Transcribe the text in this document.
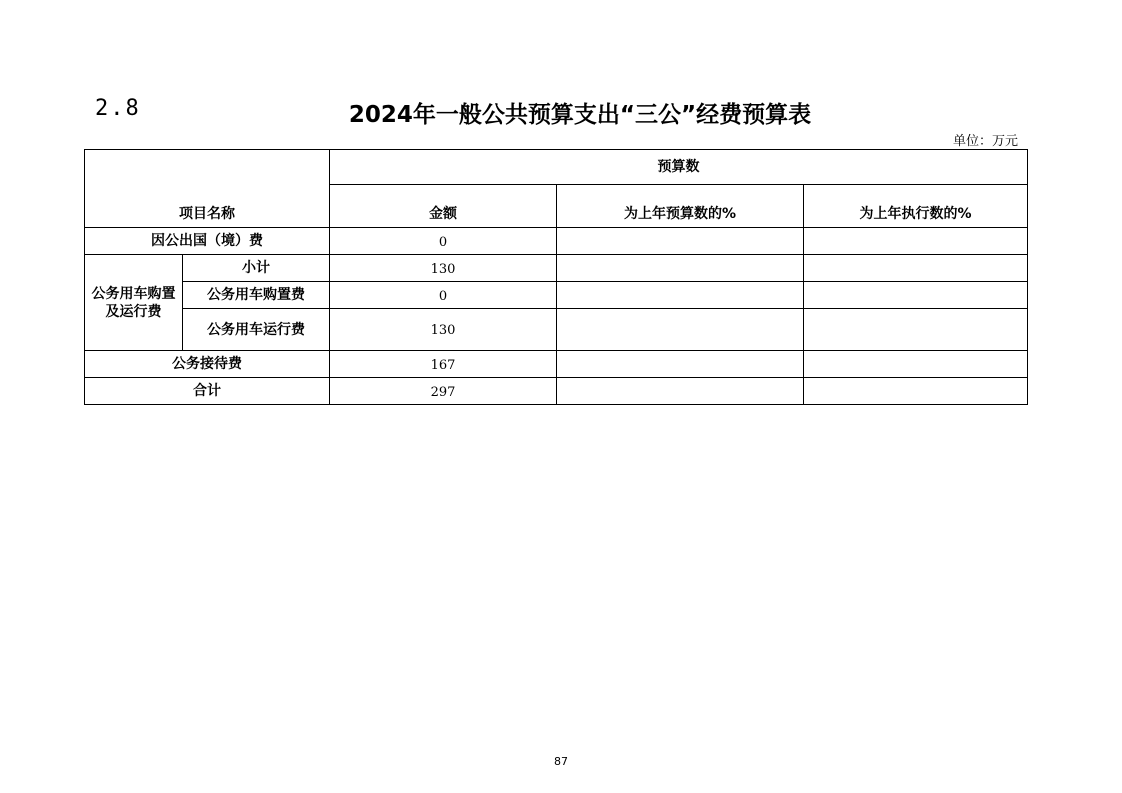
2.8	2024年一般公共预算支出“三公”经费预算表
单位：万元
项目名称		预算数		
		金额	为上年预算数的%	为上年执行数的%
因公出国（境）费		0		
公务用车购置 及运行费	小计	130		
	公务用车购置费	0		
	公务用车运行费	130		
公务接待费		167		
合计		297		
87
